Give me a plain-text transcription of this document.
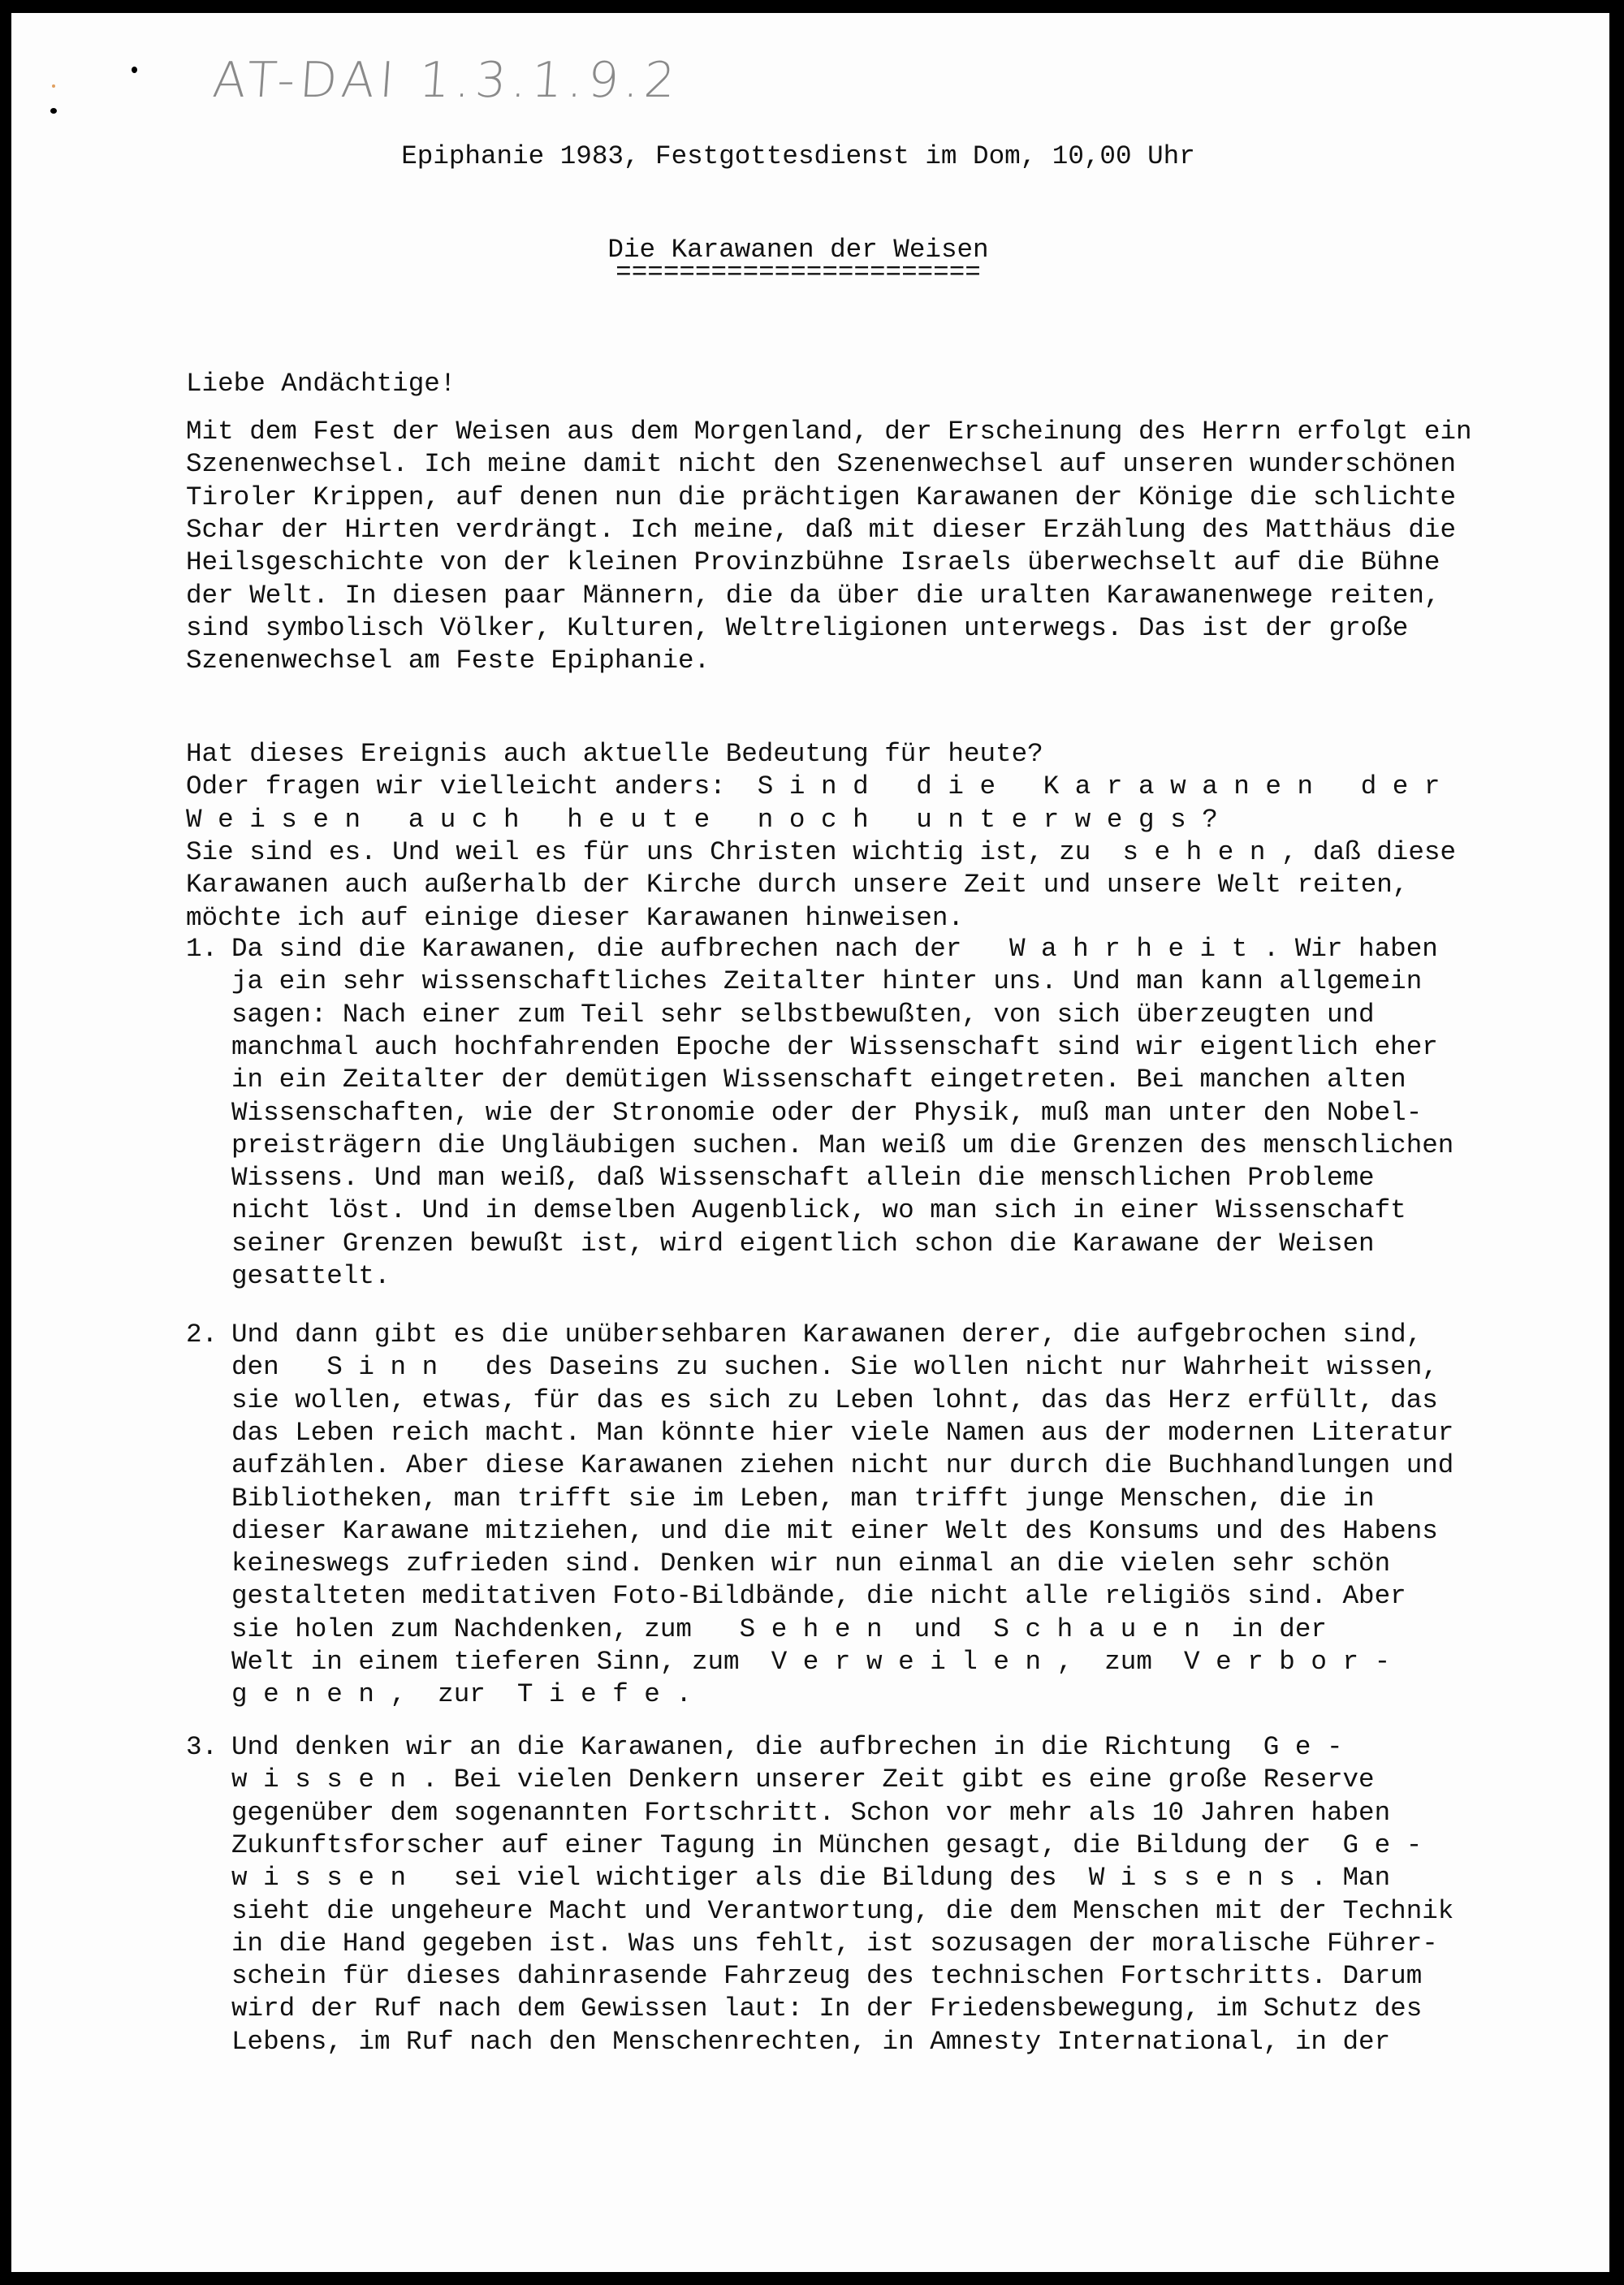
AT-DAI 1.3.1.9.2
Epiphanie 1983, Festgottesdienst im Dom, 10,00 Uhr
Die Karawanen der Weisen
=======================
Liebe Andächtige!
Mit dem Fest der Weisen aus dem Morgenland, der Erscheinung des Herrn erfolgt ein
Szenenwechsel. Ich meine damit nicht den Szenenwechsel auf unseren wunderschönen
Tiroler Krippen, auf denen nun die prächtigen Karawanen der Könige die schlichte
Schar der Hirten verdrängt. Ich meine, daß mit dieser Erzählung des Matthäus die
Heilsgeschichte von der kleinen Provinzbühne Israels überwechselt auf die Bühne
der Welt. In diesen paar Männern, die da über die uralten Karawanenwege reiten,
sind symbolisch Völker, Kulturen, Weltreligionen unterwegs. Das ist der große
Szenenwechsel am Feste Epiphanie.
Hat dieses Ereignis auch aktuelle Bedeutung für heute?
Oder fragen wir vielleicht anders:  S i n d   d i e   K a r a w a n e n   d e r
W e i s e n   a u c h   h e u t e   n o c h   u n t e r w e g s ?
Sie sind es. Und weil es für uns Christen wichtig ist, zu  s e h e n , daß diese
Karawanen auch außerhalb der Kirche durch unsere Zeit und unsere Welt reiten,
möchte ich auf einige dieser Karawanen hinweisen.
1. Da sind die Karawanen, die aufbrechen nach der   W a h r h e i t . Wir haben
ja ein sehr wissenschaftliches Zeitalter hinter uns. Und man kann allgemein
sagen: Nach einer zum Teil sehr selbstbewußten, von sich überzeugten und
manchmal auch hochfahrenden Epoche der Wissenschaft sind wir eigentlich eher
in ein Zeitalter der demütigen Wissenschaft eingetreten. Bei manchen alten
Wissenschaften, wie der Stronomie oder der Physik, muß man unter den Nobel-
preisträgern die Ungläubigen suchen. Man weiß um die Grenzen des menschlichen
Wissens. Und man weiß, daß Wissenschaft allein die menschlichen Probleme
nicht löst. Und in demselben Augenblick, wo man sich in einer Wissenschaft
seiner Grenzen bewußt ist, wird eigentlich schon die Karawane der Weisen
gesattelt.
2. Und dann gibt es die unübersehbaren Karawanen derer, die aufgebrochen sind,
den   S i n n   des Daseins zu suchen. Sie wollen nicht nur Wahrheit wissen,
sie wollen, etwas, für das es sich zu Leben lohnt, das das Herz erfüllt, das
das Leben reich macht. Man könnte hier viele Namen aus der modernen Literatur
aufzählen. Aber diese Karawanen ziehen nicht nur durch die Buchhandlungen und
Bibliotheken, man trifft sie im Leben, man trifft junge Menschen, die in
dieser Karawane mitziehen, und die mit einer Welt des Konsums und des Habens
keineswegs zufrieden sind. Denken wir nun einmal an die vielen sehr schön
gestalteten meditativen Foto-Bildbände, die nicht alle religiös sind. Aber
sie holen zum Nachdenken, zum   S e h e n  und  S c h a u e n  in der
Welt in einem tieferen Sinn, zum  V e r w e i l e n ,  zum  V e r b o r -
g e n e n ,  zur  T i e f e .
3. Und denken wir an die Karawanen, die aufbrechen in die Richtung  G e -
w i s s e n . Bei vielen Denkern unserer Zeit gibt es eine große Reserve
gegenüber dem sogenannten Fortschritt. Schon vor mehr als 10 Jahren haben
Zukunftsforscher auf einer Tagung in München gesagt, die Bildung der  G e -
w i s s e n   sei viel wichtiger als die Bildung des  W i s s e n s . Man
sieht die ungeheure Macht und Verantwortung, die dem Menschen mit der Technik
in die Hand gegeben ist. Was uns fehlt, ist sozusagen der moralische Führer-
schein für dieses dahinrasende Fahrzeug des technischen Fortschritts. Darum
wird der Ruf nach dem Gewissen laut: In der Friedensbewegung, im Schutz des
Lebens, im Ruf nach den Menschenrechten, in Amnesty International, in der
